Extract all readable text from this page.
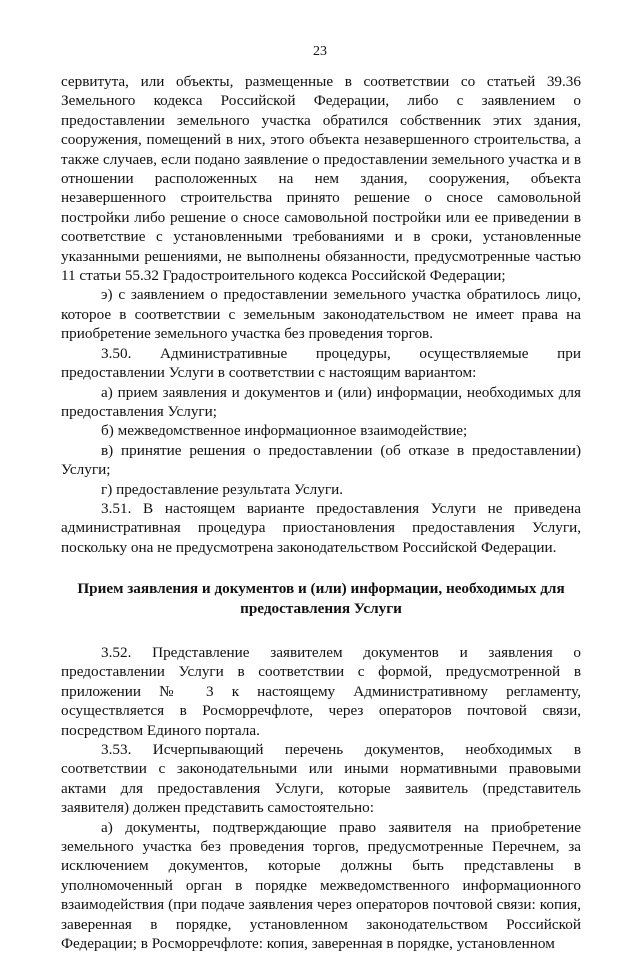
23

сервитута, или объекты, размещенные в соответствии со статьей 39.36 Земельного кодекса Российской Федерации, либо с заявлением о предоставлении земельного участка обратился собственник этих здания, сооружения, помещений в них, этого объекта незавершенного строительства, а также случаев, если подано заявление о предоставлении земельного участка и в отношении расположенных на нем здания, сооружения, объекта незавершенного строительства принято решение о сносе самовольной постройки либо решение о сносе самовольной постройки или ее приведении в соответствие с установленными требованиями и в сроки, установленные указанными решениями, не выполнены обязанности, предусмотренные частью 11 статьи 55.32 Градостроительного кодекса Российской Федерации;

э) с заявлением о предоставлении земельного участка обратилось лицо, которое в соответствии с земельным законодательством не имеет права на приобретение земельного участка без проведения торгов.

3.50. Административные процедуры, осуществляемые при предоставлении Услуги в соответствии с настоящим вариантом:

а) прием заявления и документов и (или) информации, необходимых для предоставления Услуги;

б) межведомственное информационное взаимодействие;

в) принятие решения о предоставлении (об отказе в предоставлении) Услуги;

г) предоставление результата Услуги.

3.51. В настоящем варианте предоставления Услуги не приведена административная процедура приостановления предоставления Услуги, поскольку она не предусмотрена законодательством Российской Федерации.

Прием заявления и документов и (или) информации, необходимых для предоставления Услуги

3.52. Представление заявителем документов и заявления о предоставлении Услуги в соответствии с формой, предусмотренной в приложении № 3 к настоящему Административному регламенту, осуществляется в Росморречфлоте, через операторов почтовой связи, посредством Единого портала.

3.53. Исчерпывающий перечень документов, необходимых в соответствии с законодательными или иными нормативными правовыми актами для предоставления Услуги, которые заявитель (представитель заявителя) должен представить самостоятельно:

а) документы, подтверждающие право заявителя на приобретение земельного участка без проведения торгов, предусмотренные Перечнем, за исключением документов, которые должны быть представлены в уполномоченный орган в порядке межведомственного информационного взаимодействия (при подаче заявления через операторов почтовой связи: копия, заверенная в порядке, установленном законодательством Российской Федерации; в Росморречфлоте: копия, заверенная в порядке, установленном
